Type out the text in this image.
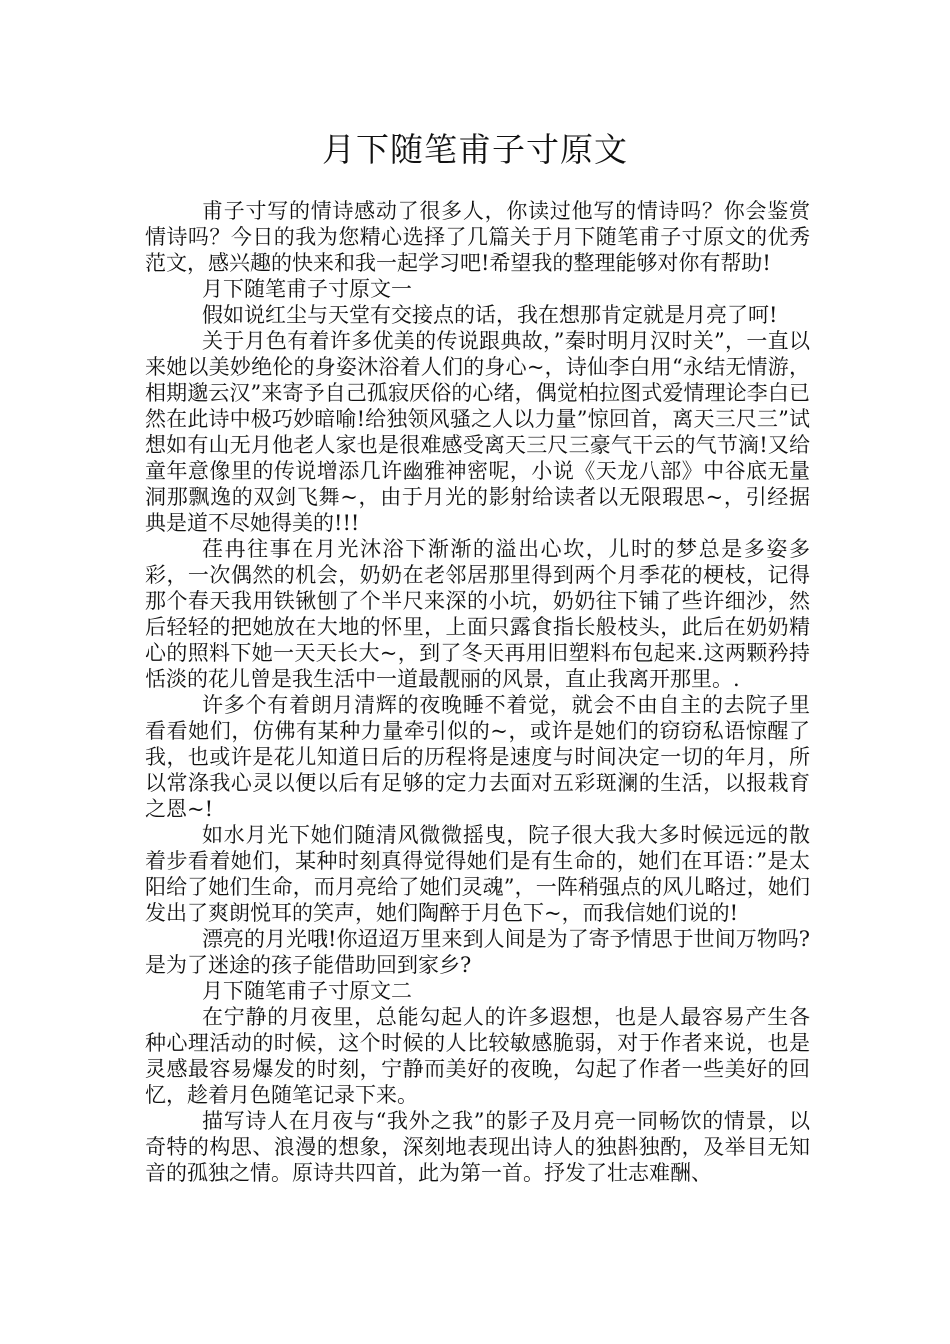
月下随笔甫子寸原文

甫子寸写的情诗感动了很多人，你读过他写的情诗吗？你会鉴赏情诗吗？今日的我为您精心选择了几篇关于月下随笔甫子寸原文的优秀范文，感兴趣的快来和我一起学习吧!希望我的整理能够对你有帮助!

月下随笔甫子寸原文一

假如说红尘与天堂有交接点的话，我在想那肯定就是月亮了呵!

关于月色有着许多优美的传说跟典故，”秦时明月汉时关”，一直以来她以美妙绝伦的身姿沐浴着人们的身心~，诗仙李白用“永结无情游，相期邈云汉”来寄予自己孤寂厌俗的心绪，偶觉柏拉图式爱情理论李白已然在此诗中极巧妙暗喻!给独领风骚之人以力量”惊回首，离天三尺三”试想如有山无月他老人家也是很难感受离天三尺三豪气干云的气节滴!又给童年意像里的传说增添几许幽雅神密呢，小说《天龙八部》中谷底无量洞那飘逸的双剑飞舞~，由于月光的影射给读者以无限瑕思~，引经据典是道不尽她得美的!!!

荏冉往事在月光沐浴下渐渐的溢出心坎，儿时的梦总是多姿多彩，一次偶然的机会，奶奶在老邻居那里得到两个月季花的梗枝，记得那个春天我用铁锹刨了个半尺来深的小坑，奶奶往下铺了些许细沙，然后轻轻的把她放在大地的怀里，上面只露食指长般枝头，此后在奶奶精心的照料下她一天天长大~，到了冬天再用旧塑料布包起来.这两颗矜持恬淡的花儿曾是我生活中一道最靓丽的风景，直止我离开那里。.

许多个有着朗月清辉的夜晚睡不着觉，就会不由自主的去院子里看看她们，仿佛有某种力量牵引似的~，或许是她们的窃窃私语惊醒了我，也或许是花儿知道日后的历程将是速度与时间决定一切的年月，所以常涤我心灵以便以后有足够的定力去面对五彩斑澜的生活，以报栽育之恩~!

如水月光下她们随清风微微摇曳，院子很大我大多时候远远的散着步看着她们，某种时刻真得觉得她们是有生命的，她们在耳语：”是太阳给了她们生命，而月亮给了她们灵魂”，一阵稍强点的风儿略过，她们发出了爽朗悦耳的笑声，她们陶醉于月色下~，而我信她们说的!

漂亮的月光哦!你迢迢万里来到人间是为了寄予情思于世间万物吗?是为了迷途的孩子能借助回到家乡?

月下随笔甫子寸原文二

在宁静的月夜里，总能勾起人的许多遐想，也是人最容易产生各种心理活动的时候，这个时候的人比较敏感脆弱，对于作者来说，也是灵感最容易爆发的时刻，宁静而美好的夜晚，勾起了作者一些美好的回忆，趁着月色随笔记录下来。

描写诗人在月夜与“我外之我”的影子及月亮一同畅饮的情景，以奇特的构思、浪漫的想象，深刻地表现出诗人的独斟独酌，及举目无知音的孤独之情。原诗共四首，此为第一首。抒发了壮志难酬、
